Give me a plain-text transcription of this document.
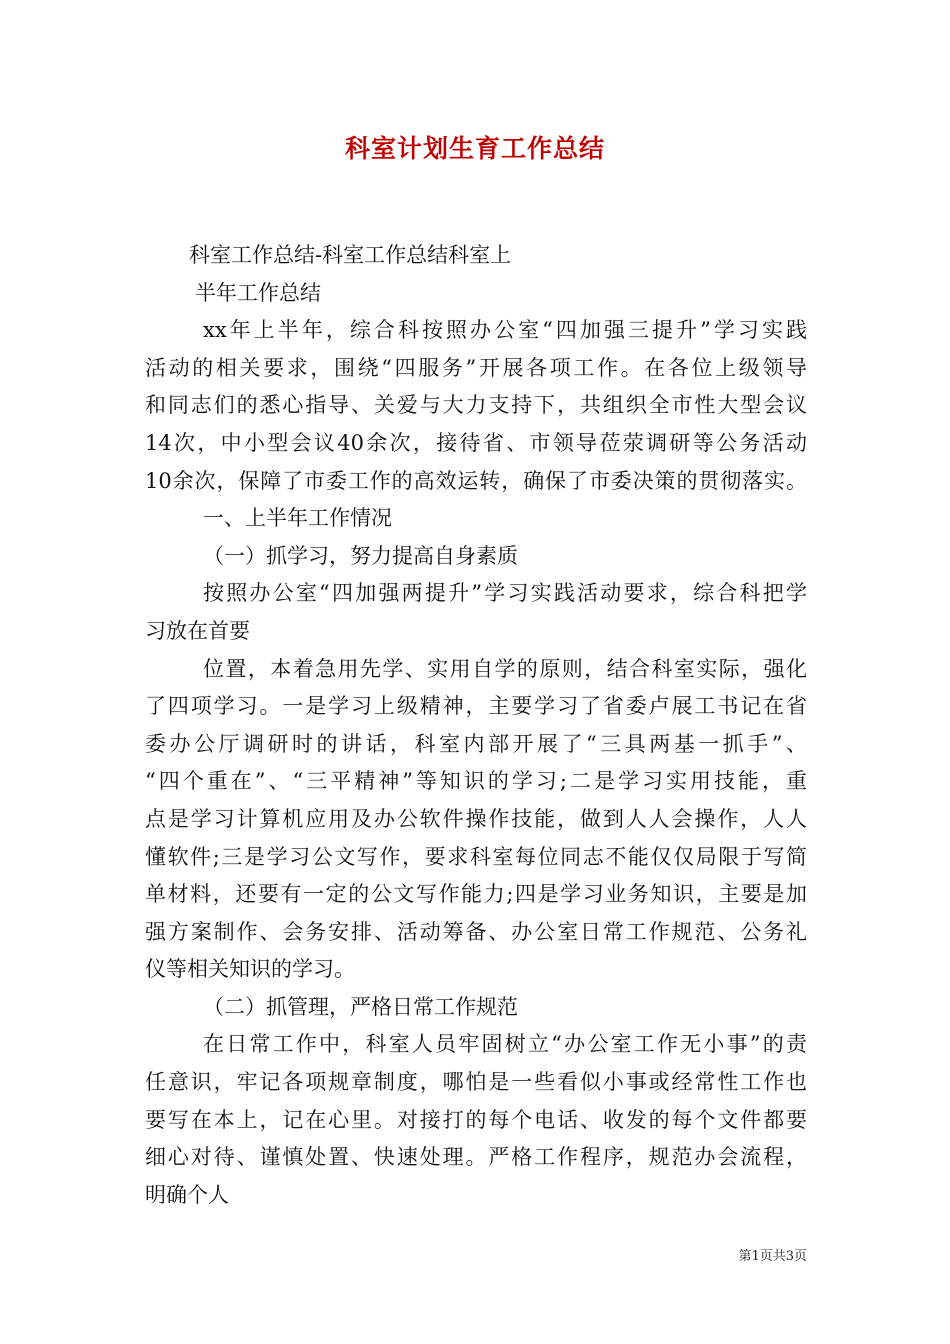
科室计划生育工作总结
科室工作总结-科室工作总结科室上
半年工作总结
xx年上半年，综合科按照办公室“四加强三提升”学习实践
活动的相关要求，围绕“四服务”开展各项工作。在各位上级领导
和同志们的悉心指导、关爱与大力支持下，共组织全市性大型会议
14次，中小型会议40余次，接待省、市领导莅荥调研等公务活动
10余次，保障了市委工作的高效运转，确保了市委决策的贯彻落实。
一、上半年工作情况
（一）抓学习，努力提高自身素质
按照办公室“四加强两提升”学习实践活动要求，综合科把学
习放在首要
位置，本着急用先学、实用自学的原则，结合科室实际，强化
了四项学习。一是学习上级精神，主要学习了省委卢展工书记在省
委办公厅调研时的讲话，科室内部开展了“三具两基一抓手”、
“四个重在”、“三平精神”等知识的学习;二是学习实用技能，重
点是学习计算机应用及办公软件操作技能，做到人人会操作，人人
懂软件;三是学习公文写作，要求科室每位同志不能仅仅局限于写简
单材料，还要有一定的公文写作能力;四是学习业务知识，主要是加
强方案制作、会务安排、活动筹备、办公室日常工作规范、公务礼
仪等相关知识的学习。
（二）抓管理，严格日常工作规范
在日常工作中，科室人员牢固树立“办公室工作无小事”的责
任意识，牢记各项规章制度，哪怕是一些看似小事或经常性工作也
要写在本上，记在心里。对接打的每个电话、收发的每个文件都要
细心对待、谨慎处置、快速处理。严格工作程序，规范办会流程，
明确个人
第1页共3页
